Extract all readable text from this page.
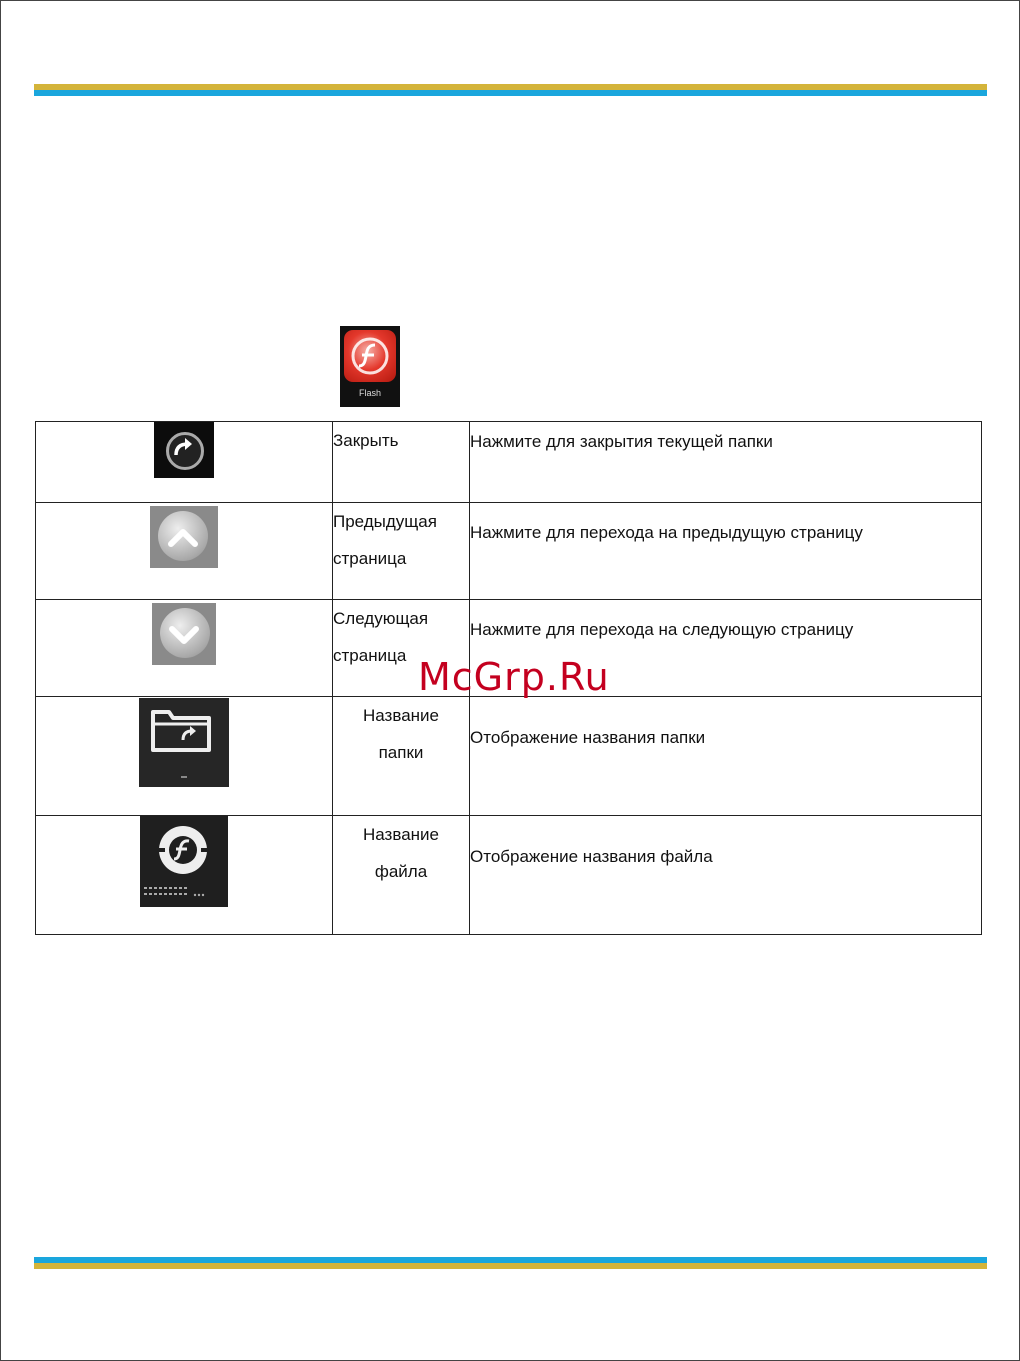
Flash

Закрыть	Нажмите для закрытия текущей папки

Предыдущая
страница	Нажмите для перехода на предыдущую страницу

Следующая
страница	Нажмите для перехода на следующую страницу

Название
папки	Отображение названия папки

Название
файла	Отображение названия файла
McGrp.Ru
